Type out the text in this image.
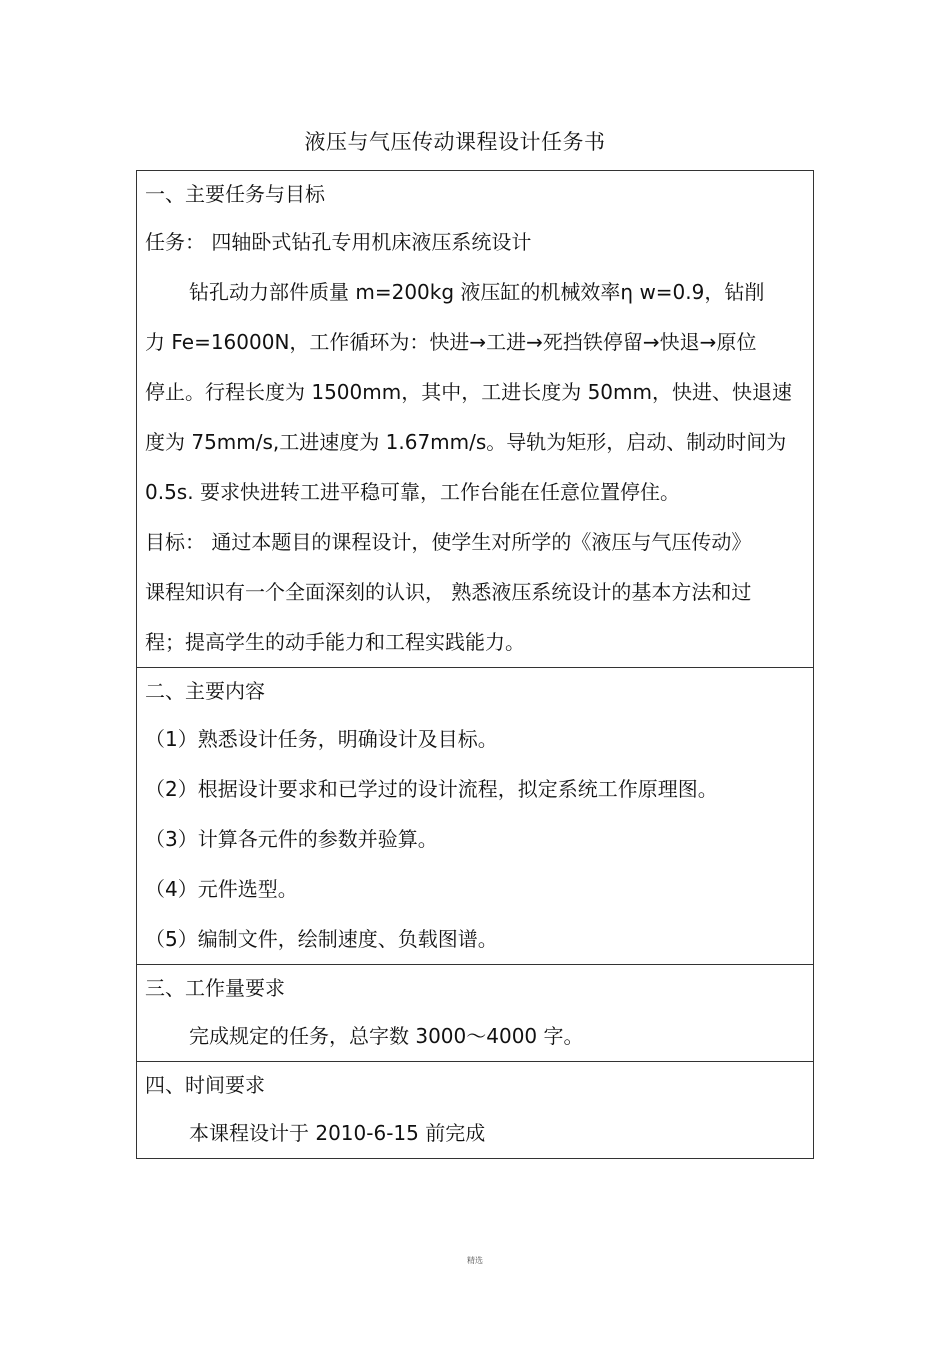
液压与气压传动课程设计任务书
一、主要任务与目标
任务： 四轴卧式钻孔专用机床液压系统设计
钻孔动力部件质量 m=200kg 液压缸的机械效率η w=0.9，钻削
力 Fe=16000N，工作循环为：快进→工进→死挡铁停留→快退→原位
停止。行程长度为 1500mm，其中，工进长度为 50mm，快进、快退速
度为 75mm/s,工进速度为 1.67mm/s。导轨为矩形，启动、制动时间为
0.5s. 要求快进转工进平稳可靠，工作台能在任意位置停住。
目标： 通过本题目的课程设计，使学生对所学的《液压与气压传动》
课程知识有一个全面深刻的认识， 熟悉液压系统设计的基本方法和过
程；提高学生的动手能力和工程实践能力。

二、主要内容
（1）熟悉设计任务，明确设计及目标。
（2）根据设计要求和已学过的设计流程，拟定系统工作原理图。
（3）计算各元件的参数并验算。
（4）元件选型。
（5）编制文件，绘制速度、负载图谱。

三、工作量要求
完成规定的任务，总字数 3000～4000 字。

四、时间要求
本课程设计于 2010-6-15 前完成
精选
